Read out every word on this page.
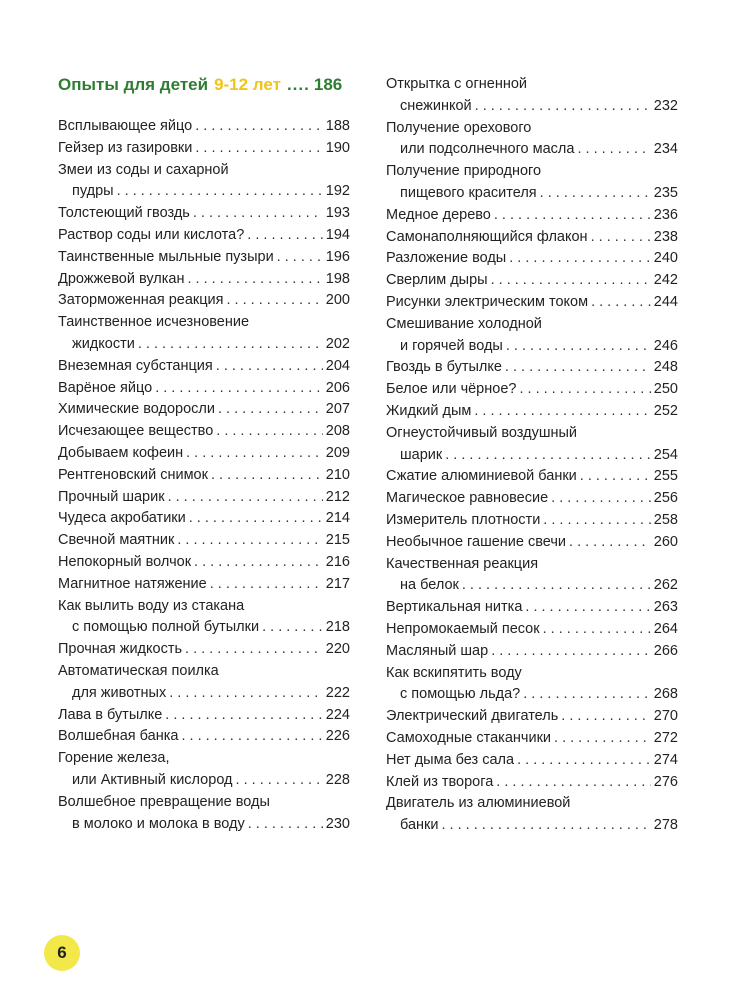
Опыты для детей 9-12 лет .... 186
Всплывающее яйцо . . .	188
Гейзер из газировки . . .	190
Змеи из соды и сахарной
пудры . . .	192
Толстеющий гвоздь . . .	193
Раствор соды или кислота? . . .	194
Таинственные мыльные пузыри . . .	196
Дрожжевой вулкан . . .	198
Заторможенная реакция . . .	200
Таинственное исчезновение
жидкости . . .	202
Внеземная субстанция . . .	204
Варёное яйцо . . .	206
Химические водоросли . . .	207
Исчезающее вещество . . .	208
Добываем кофеин . . .	209
Рентгеновский снимок . . .	210
Прочный шарик . . .	212
Чудеса акробатики . . .	214
Свечной маятник . . .	215
Непокорный волчок . . .	216
Магнитное натяжение . . .	217
Как вылить воду из стакана
с помощью полной бутылки . . .	218
Прочная жидкость . . .	220
Автоматическая поилка
для животных . . .	222
Лава в бутылке . . .	224
Волшебная банка . . .	226
Горение железа,
или Активный кислород . . .	228
Волшебное превращение воды
в молоко и молока в воду . . .	230
Открытка с огненной
снежинкой . . .	232
Получение орехового
или подсолнечного масла . . .	234
Получение природного
пищевого красителя . . .	235
Медное дерево . . .	236
Самонаполняющийся флакон . . .	238
Разложение воды . . .	240
Сверлим дыры . . .	242
Рисунки электрическим током . . .	244
Смешивание холодной
и горячей воды . . .	246
Гвоздь в бутылке . . .	248
Белое или чёрное? . . .	250
Жидкий дым . . .	252
Огнеустойчивый воздушный
шарик . . .	254
Сжатие алюминиевой банки . . .	255
Магическое равновесие . . .	256
Измеритель плотности . . .	258
Необычное гашение свечи . . .	260
Качественная реакция
на белок . . .	262
Вертикальная нитка . . .	263
Непромокаемый песок . . .	264
Масляный шар . . .	266
Как вскипятить воду
с помощью льда? . . .	268
Электрический двигатель . . .	270
Самоходные стаканчики . . .	272
Нет дыма без сала . . .	274
Клей из творога . . .	276
Двигатель из алюминиевой
банки . . .	278
6
